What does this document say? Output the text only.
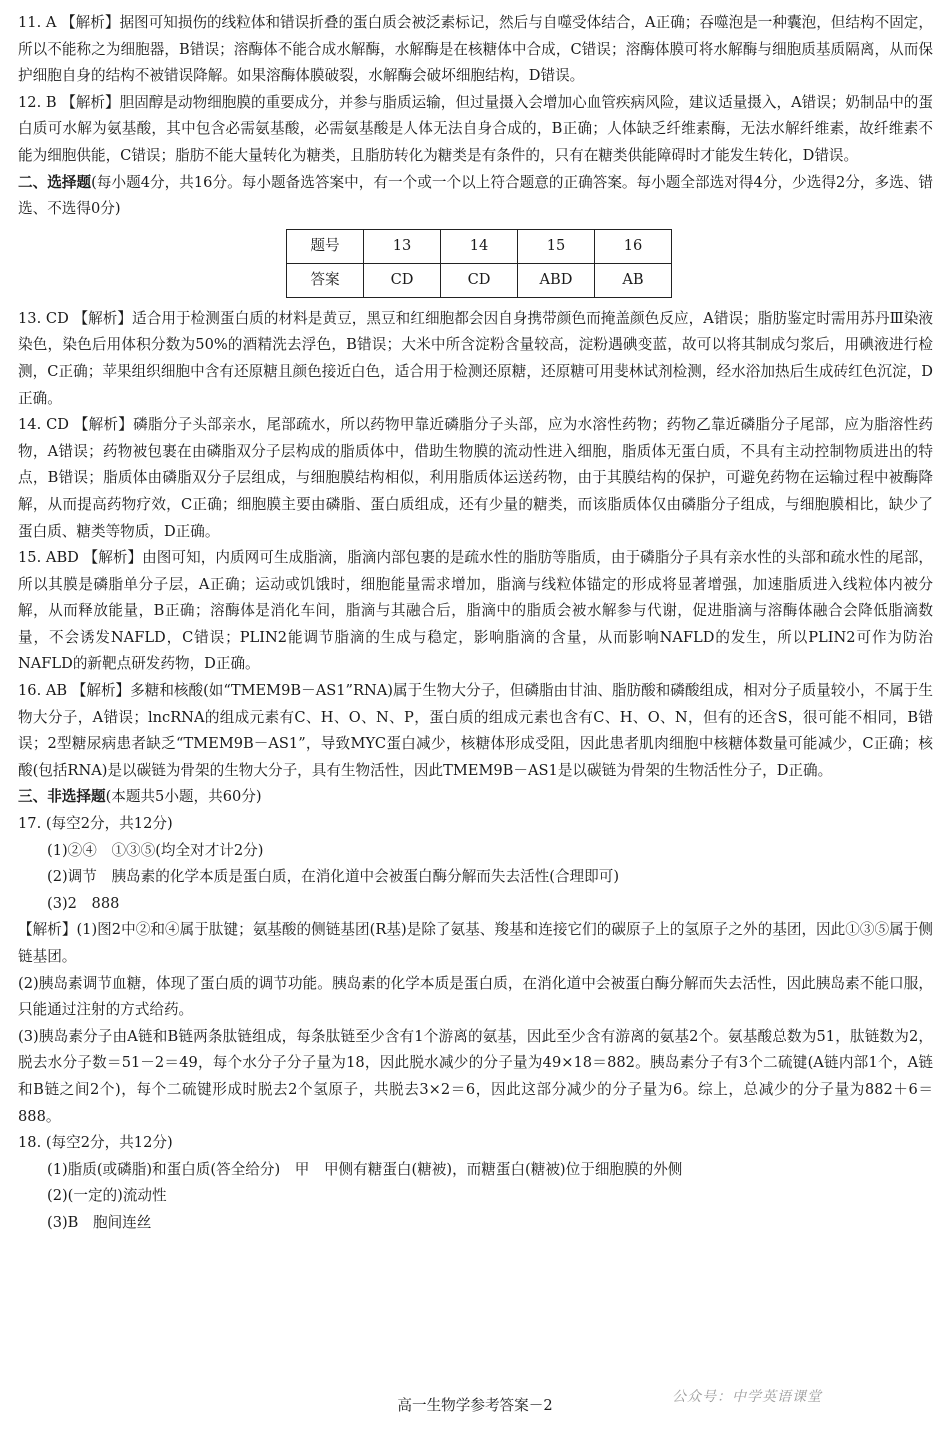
11. A 【解析】据图可知损伤的线粒体和错误折叠的蛋白质会被泛素标记，然后与自噬受体结合，A正确；吞噬泡是一种囊泡，但结构不固定，所以不能称之为细胞器，B错误；溶酶体不能合成水解酶，水解酶是在核糖体中合成，C错误；溶酶体膜可将水解酶与细胞质基质隔离，从而保护细胞自身的结构不被错误降解。如果溶酶体膜破裂，水解酶会破坏细胞结构，D错误。

12. B 【解析】胆固醇是动物细胞膜的重要成分，并参与脂质运输，但过量摄入会增加心血管疾病风险，建议适量摄入，A错误；奶制品中的蛋白质可水解为氨基酸，其中包含必需氨基酸，必需氨基酸是人体无法自身合成的，B正确；人体缺乏纤维素酶，无法水解纤维素，故纤维素不能为细胞供能，C错误；脂肪不能大量转化为糖类，且脂肪转化为糖类是有条件的，只有在糖类供能障碍时才能发生转化，D错误。

二、选择题(每小题4分，共16分。每小题备选答案中，有一个或一个以上符合题意的正确答案。每小题全部选对得4分，少选得2分，多选、错选、不选得0分)

题号	13	14	15	16
答案	CD	CD	ABD	AB

13. CD 【解析】适合用于检测蛋白质的材料是黄豆，黑豆和红细胞都会因自身携带颜色而掩盖颜色反应，A错误；脂肪鉴定时需用苏丹Ⅲ染液染色，染色后用体积分数为50%的酒精洗去浮色，B错误；大米中所含淀粉含量较高，淀粉遇碘变蓝，故可以将其制成匀浆后，用碘液进行检测，C正确；苹果组织细胞中含有还原糖且颜色接近白色，适合用于检测还原糖，还原糖可用斐林试剂检测，经水浴加热后生成砖红色沉淀，D正确。

14. CD 【解析】磷脂分子头部亲水，尾部疏水，所以药物甲靠近磷脂分子头部，应为水溶性药物；药物乙靠近磷脂分子尾部，应为脂溶性药物，A错误；药物被包裹在由磷脂双分子层构成的脂质体中，借助生物膜的流动性进入细胞，脂质体无蛋白质，不具有主动控制物质进出的特点，B错误；脂质体由磷脂双分子层组成，与细胞膜结构相似，利用脂质体运送药物，由于其膜结构的保护，可避免药物在运输过程中被酶降解，从而提高药物疗效，C正确；细胞膜主要由磷脂、蛋白质组成，还有少量的糖类，而该脂质体仅由磷脂分子组成，与细胞膜相比，缺少了蛋白质、糖类等物质，D正确。

15. ABD 【解析】由图可知，内质网可生成脂滴，脂滴内部包裹的是疏水性的脂肪等脂质，由于磷脂分子具有亲水性的头部和疏水性的尾部，所以其膜是磷脂单分子层，A正确；运动或饥饿时，细胞能量需求增加，脂滴与线粒体锚定的形成将显著增强，加速脂质进入线粒体内被分解，从而释放能量，B正确；溶酶体是消化车间，脂滴与其融合后，脂滴中的脂质会被水解参与代谢，促进脂滴与溶酶体融合会降低脂滴数量，不会诱发NAFLD，C错误；PLIN2能调节脂滴的生成与稳定，影响脂滴的含量，从而影响NAFLD的发生，所以PLIN2可作为防治NAFLD的新靶点研发药物，D正确。

16. AB 【解析】多糖和核酸(如“TMEM9B－AS1”RNA)属于生物大分子，但磷脂由甘油、脂肪酸和磷酸组成，相对分子质量较小，不属于生物大分子，A错误；lncRNA的组成元素有C、H、O、N、P，蛋白质的组成元素也含有C、H、O、N，但有的还含S，很可能不相同，B错误；2型糖尿病患者缺乏“TMEM9B－AS1”，导致MYC蛋白减少，核糖体形成受阻，因此患者肌肉细胞中核糖体数量可能减少，C正确；核酸(包括RNA)是以碳链为骨架的生物大分子，具有生物活性，因此TMEM9B－AS1是以碳链为骨架的生物活性分子，D正确。

三、非选择题(本题共5小题，共60分)

17. (每空2分，共12分)

(1)②④　①③⑤(均全对才计2分)

(2)调节　胰岛素的化学本质是蛋白质，在消化道中会被蛋白酶分解而失去活性(合理即可)

(3)2　888

【解析】(1)图2中②和④属于肽键；氨基酸的侧链基团(R基)是除了氨基、羧基和连接它们的碳原子上的氢原子之外的基团，因此①③⑤属于侧链基团。

(2)胰岛素调节血糖，体现了蛋白质的调节功能。胰岛素的化学本质是蛋白质，在消化道中会被蛋白酶分解而失去活性，因此胰岛素不能口服，只能通过注射的方式给药。

(3)胰岛素分子由A链和B链两条肽链组成，每条肽链至少含有1个游离的氨基，因此至少含有游离的氨基2个。氨基酸总数为51，肽链数为2，脱去水分子数＝51－2＝49，每个水分子分子量为18，因此脱水减少的分子量为49×18＝882。胰岛素分子有3个二硫键(A链内部1个，A链和B链之间2个)，每个二硫键形成时脱去2个氢原子，共脱去3×2＝6，因此这部分减少的分子量为6。综上，总减少的分子量为882＋6＝888。

18. (每空2分，共12分)

(1)脂质(或磷脂)和蛋白质(答全给分)　甲　甲侧有糖蛋白(糖被)，而糖蛋白(糖被)位于细胞膜的外侧

(2)(一定的)流动性

(3)B　胞间连丝

高一生物学参考答案－2	公众号：中学英语课堂
